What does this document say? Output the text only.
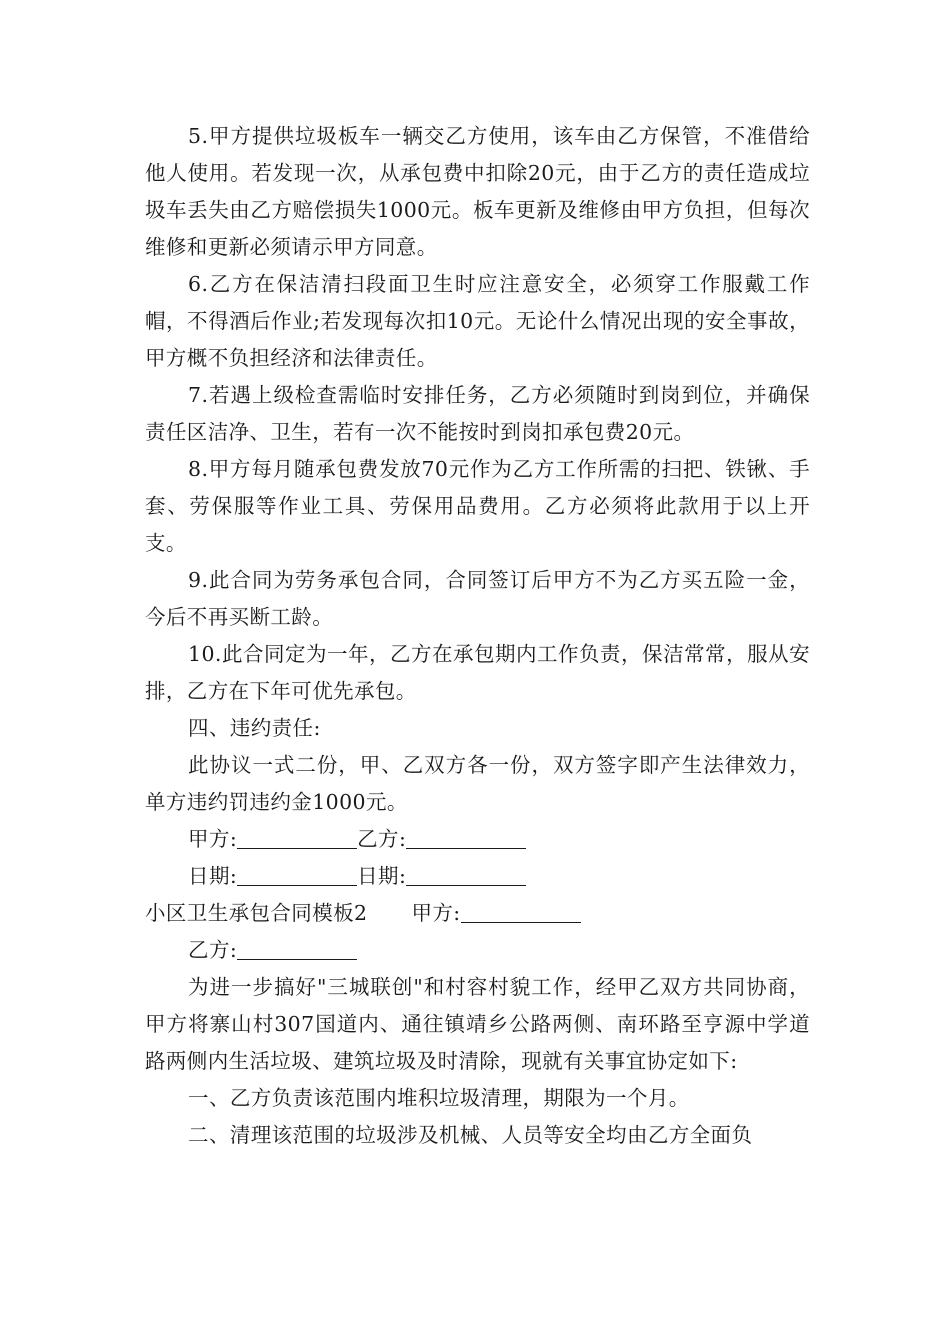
5.甲方提供垃圾板车一辆交乙方使用，该车由乙方保管，不准借给他人使用。若发现一次，从承包费中扣除20元，由于乙方的责任造成垃圾车丢失由乙方赔偿损失1000元。板车更新及维修由甲方负担，但每次维修和更新必须请示甲方同意。

6.乙方在保洁清扫段面卫生时应注意安全，必须穿工作服戴工作帽，不得酒后作业;若发现每次扣10元。无论什么情况出现的安全事故，甲方概不负担经济和法律责任。

7.若遇上级检查需临时安排任务，乙方必须随时到岗到位，并确保责任区洁净、卫生，若有一次不能按时到岗扣承包费20元。

8.甲方每月随承包费发放70元作为乙方工作所需的扫把、铁锹、手套、劳保服等作业工具、劳保用品费用。乙方必须将此款用于以上开支。

9.此合同为劳务承包合同，合同签订后甲方不为乙方买五险一金，今后不再买断工龄。

10.此合同定为一年，乙方在承包期内工作负责，保洁常常，服从安排，乙方在下年可优先承包。

四、违约责任:

此协议一式二份，甲、乙双方各一份，双方签字即产生法律效力，单方违约罚违约金1000元。

甲方:	乙方:

日期:	日期:

小区卫生承包合同模板2 甲方:

乙方:

为进一步搞好"三城联创"和村容村貌工作，经甲乙双方共同协商，甲方将寨山村307国道内、通往镇靖乡公路两侧、南环路至亨源中学道路两侧内生活垃圾、建筑垃圾及时清除，现就有关事宜协定如下:

一、乙方负责该范围内堆积垃圾清理，期限为一个月。

二、清理该范围的垃圾涉及机械、人员等安全均由乙方全面负
